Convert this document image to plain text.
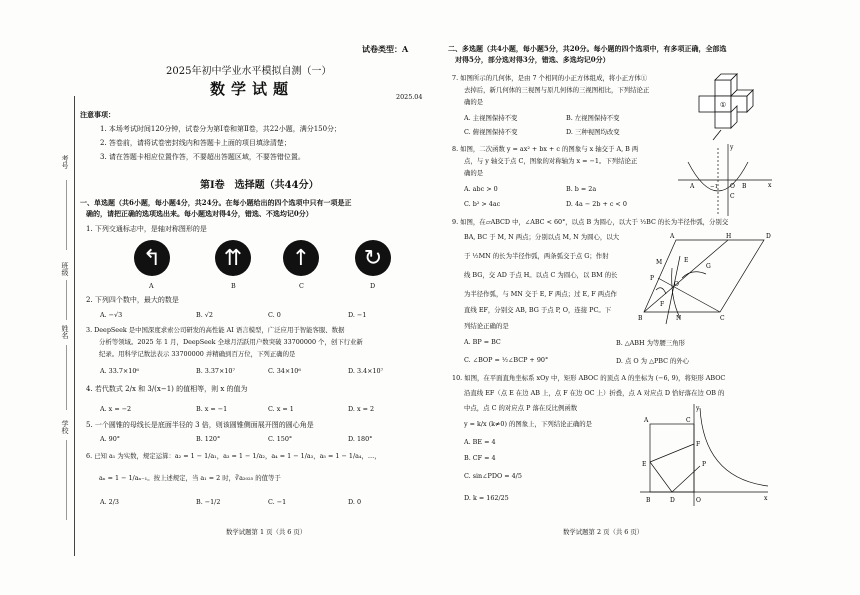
考号
班级
姓名
学校
试卷类型：A
2025年初中学业水平模拟自测（一）
数学试题	2025.04
注意事项：
1. 本场考试时间120分钟，试卷分为第Ⅰ卷和第Ⅱ卷，共22小题，满分150分；
2. 答卷前，请将试卷密封线内和答题卡上面的项目填涂清楚；
3. 请在答题卡相应位置作答，不要超出答题区域，不要答错位置。
第Ⅰ卷　选择题（共44分）
一、单选题（共6小题，每小题4分，共24分。在每小题给出的四个选项中只有一项是正
确的，请把正确的选项选出来。每小题选对得4分，错选、不选均记0分）
1. 下列交通标志中，是轴对称图形的是
↰	⇈	↑	↻
A	B	C	D
2. 下列四个数中，最大的数是
A. −√3	B. √2	C. 0	D. −1
3. DeepSeek 是中国深度求索公司研发的高性能 AI 语言模型，广泛应用于智能客服、数据
分析等领域。2025 年 1 月，DeepSeek 全球月活跃用户数突破 33700000 个，创下行业新
纪录。用科学记数法表示 33700000 并精确到百万位，下列正确的是
A. 33.7×10⁶	B. 3.37×10⁷	C. 34×10⁶	D. 3.4×10⁷
4. 若代数式 2/x 和 3/(x−1) 的值相等，则 x 的值为
A. x = −2	B. x = −1	C. x = 1	D. x = 2
5. 一个圆锥的母线长是底面半径的 3 倍，则该圆锥侧面展开图的圆心角是
A. 90°	B. 120°	C. 150°	D. 180°
6. 已知 a₁ 为实数，规定运算：a₂ = 1 − 1/a₁，a₃ = 1 − 1/a₂，a₄ = 1 − 1/a₃，a₅ = 1 − 1/a₄，…，
aₙ = 1 − 1/aₙ₋₁。按上述规定，当 a₁ = 2 时，∛a₂₀₂₅ 的值等于
A. 2/3	B. −1/2	C. −1	D. 0
数学试题第 1 页（共 6 页）
二、多选题（共4小题，每小题5分，共20分。每小题的四个选项中，有多项正确，全部选
对得5分，部分选对得3分，错选、多选均记0分）
7. 如图所示的几何体，是由 7 个相同的小正方体组成，将小正方体①
去掉后，新几何体的三视图与原几何体的三视图相比，下列结论正
确的是
A. 主视图保持不变	B. 左视图保持不变
C. 俯视图保持不变	D. 三种视图均改变
①
8. 如图，二次函数 y = ax² + bx + c 的图象与 x 轴交于 A, B 两
点，与 y 轴交于点 C，图象的对称轴为 x = −1。下列结论正
确的是
A. abc > 0	B. b = 2a
C. b² > 4ac	D. 4a − 2b + c < 0
y
A	−1 O B	x
C
9. 如图，在▱ABCD 中，∠ABC < 60°，以点 B 为圆心，以大于 ½BC 的长为半径作弧，分别交
BA, BC 于 M, N 两点；分别以点 M, N 为圆心，以大
于 ½MN 的长为半径作弧，两条弧交于点 G；作射
线 BG，交 AD 于点 H。以点 C 为圆心，以 BM 的长
为半径作弧，与 MN 交于 E, F 两点；过 E, F 两点作
直线 EF，分别交 AB, BG 于点 P, O，连接 PC。下
列结论正确的是
A. BP = BC	B. △ABH 为等腰三角形
C. ∠BOP = ½∠BCP + 90°	D. 点 O 为 △PBC 的外心
A	H	D
M	E
G
P
O
F
B	N	C
10. 如图，在平面直角坐标系 xOy 中，矩形 ABOC 的顶点 A 的坐标为 (−6, 9)，将矩形 ABOC
沿直线 EF（点 E 在边 AB 上，点 F 在边 OC 上）折叠，点 A 对应点 D 恰好落在边 OB 的
中点，点 C 的对应点 P 落在反比例函数
y = k/x (k≠0) 的图象上，下列结论正确的是
A. BE = 4
B. CF = 4
C. sin∠PDO = 4/5
D. k = 162/25
y
A	C
E
F
P
B	D	O	x
数学试题第 2 页（共 6 页）
